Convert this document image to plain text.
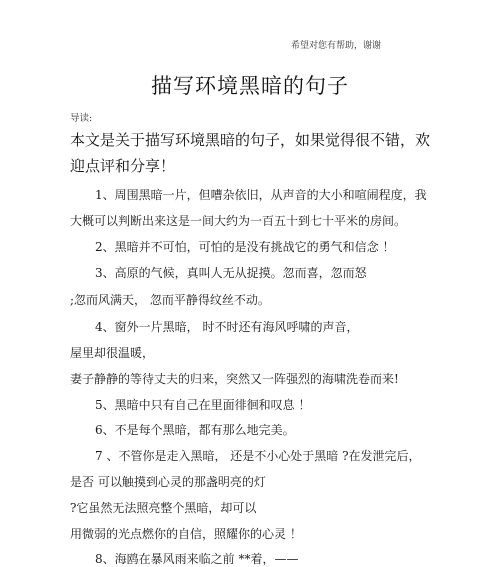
希望对您有帮助，谢谢
描写环境黑暗的句子
导读:
本文是关于描写环境黑暗的句子，如果觉得很不错，欢迎点评和分享！
1、周围黑暗一片，但嘈杂依旧，从声音的大小和喧闹程度，我
大概可以判断出来这是一间大约为一百五十到七十平米的房间。
2、黑暗并不可怕，可怕的是没有挑战它的勇气和信念 ！
3、高原的气候，真叫人无从捉摸。忽而喜，忽而怒
;忽而风满天， 忽而平静得纹丝不动。
4、窗外一片黑暗， 时不时还有海风呼啸的声音，
屋里却很温暖，
妻子静静的等待丈夫的归来，突然又一阵强烈的海啸洗卷而来!
5、黑暗中只有自己在里面徘徊和叹息 ！
6、不是每个黑暗，都有那么地完美。
7 、不管你是走入黑暗， 还是不小心处于黑暗 ?在发泄完后，
是否 可以触摸到心灵的那盏明亮的灯
?它虽然无法照亮整个黑暗，却可以
用微弱的光点燃你的自信，照耀你的心灵 ！
8、海鸥在暴风雨来临之前 **着，——
